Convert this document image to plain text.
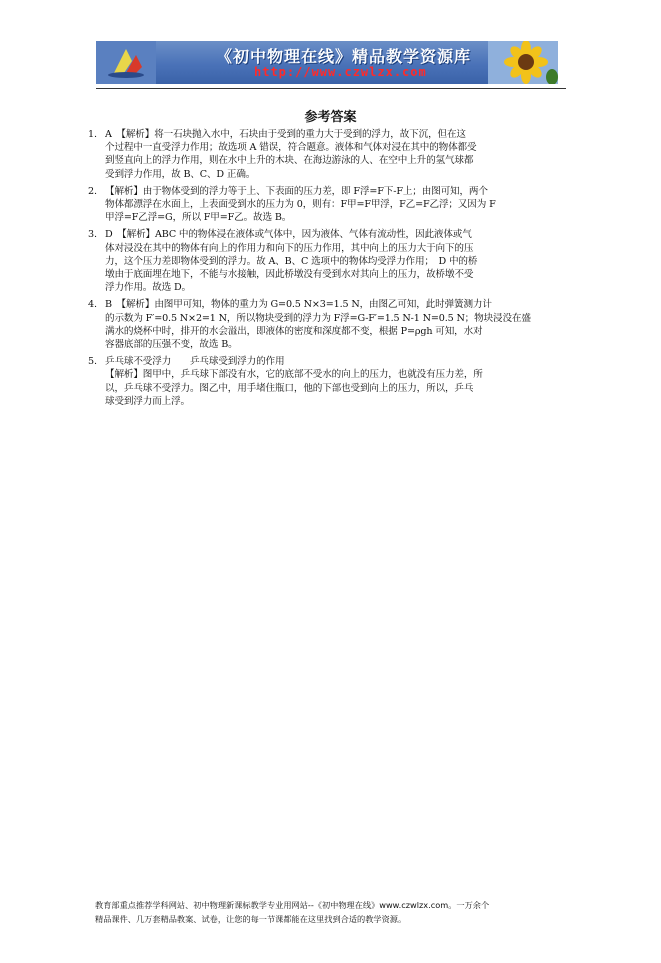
《初中物理在线》精品教学资源库
http://www.czwlzx.com
参考答案
1. A　【解析】将一石块抛入水中，石块由于受到的重力大于受到的浮力，故下沉，但在这
个过程中一直受浮力作用；故选项 A 错误，符合题意。液体和气体对浸在其中的物体都受
到竖直向上的浮力作用，则在水中上升的木块、在海边游泳的人、在空中上升的氢气球都
受到浮力作用，故 B、C、D 正确。
2. 【解析】由于物体受到的浮力等于上、下表面的压力差，即 F浮=F下-F上；由图可知，两个
物体都漂浮在水面上，上表面受到水的压力为 0，则有：F甲=F甲浮，F乙=F乙浮；又因为 F
甲浮=F乙浮=G，所以 F甲=F乙。故选 B。
3. D　【解析】ABC 中的物体浸在液体或气体中，因为液体、气体有流动性，因此液体或气
体对浸没在其中的物体有向上的作用力和向下的压力作用，其中向上的压力大于向下的压
力，这个压力差即物体受到的浮力。故 A、B、C 选项中的物体均受浮力作用；　D 中的桥
墩由于底面埋在地下，不能与水接触，因此桥墩没有受到水对其向上的压力，故桥墩不受
浮力作用。故选 D。
4. B　【解析】由图甲可知，物体的重力为 G=0.5 N×3=1.5 N，由图乙可知，此时弹簧测力计
的示数为 F′=0.5 N×2=1 N，所以物块受到的浮力为 F浮=G-F′=1.5 N-1 N=0.5 N；物块浸没在盛
满水的烧杯中时，排开的水会溢出，即液体的密度和深度都不变，根据 P=ρgh 可知，水对
容器底部的压强不变，故选 B。
5. 乒乓球不受浮力　　乒乓球受到浮力的作用
【解析】图甲中，乒乓球下部没有水，它的底部不受水的向上的压力，也就没有压力差，所
以，乒乓球不受浮力。图乙中，用手堵住瓶口，他的下部也受到向上的压力，所以，乒乓
球受到浮力而上浮。
教育部重点推荐学科网站、初中物理新课标教学专业用网站--《初中物理在线》www.czwlzx.com。一万余个
精品课件、几万套精品教案、试卷，让您的每一节课都能在这里找到合适的教学资源。
